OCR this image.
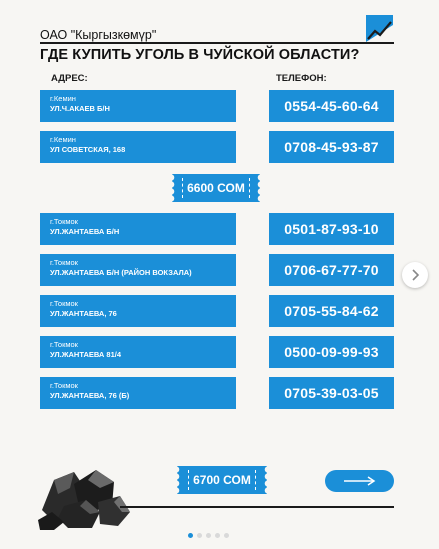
ОАО "Кыргызкөмүр"
ГДЕ КУПИТЬ УГОЛЬ В ЧУЙСКОЙ ОБЛАСТИ?
АДРЕС:	ТЕЛЕФОН:
г.Кемин
УЛ.Ч.АКАЕВ Б/Н	0554-45-60-64
г.Кемин
УЛ СОВЕТСКАЯ, 168	0708-45-93-87
6600 СОМ
г.Токмок
УЛ.ЖАНТАЕВА Б/Н	0501-87-93-10
г.Токмок
УЛ.ЖАНТАЕВА Б/Н (РАЙОН ВОКЗАЛА)	0706-67-77-70
г.Токмок
УЛ.ЖАНТАЕВА, 76	0705-55-84-62
г.Токмок
УЛ.ЖАНТАЕВА 81/4	0500-09-99-93
г.Токмок
УЛ.ЖАНТАЕВА, 76 (Б)	0705-39-03-05
6700 СОМ
